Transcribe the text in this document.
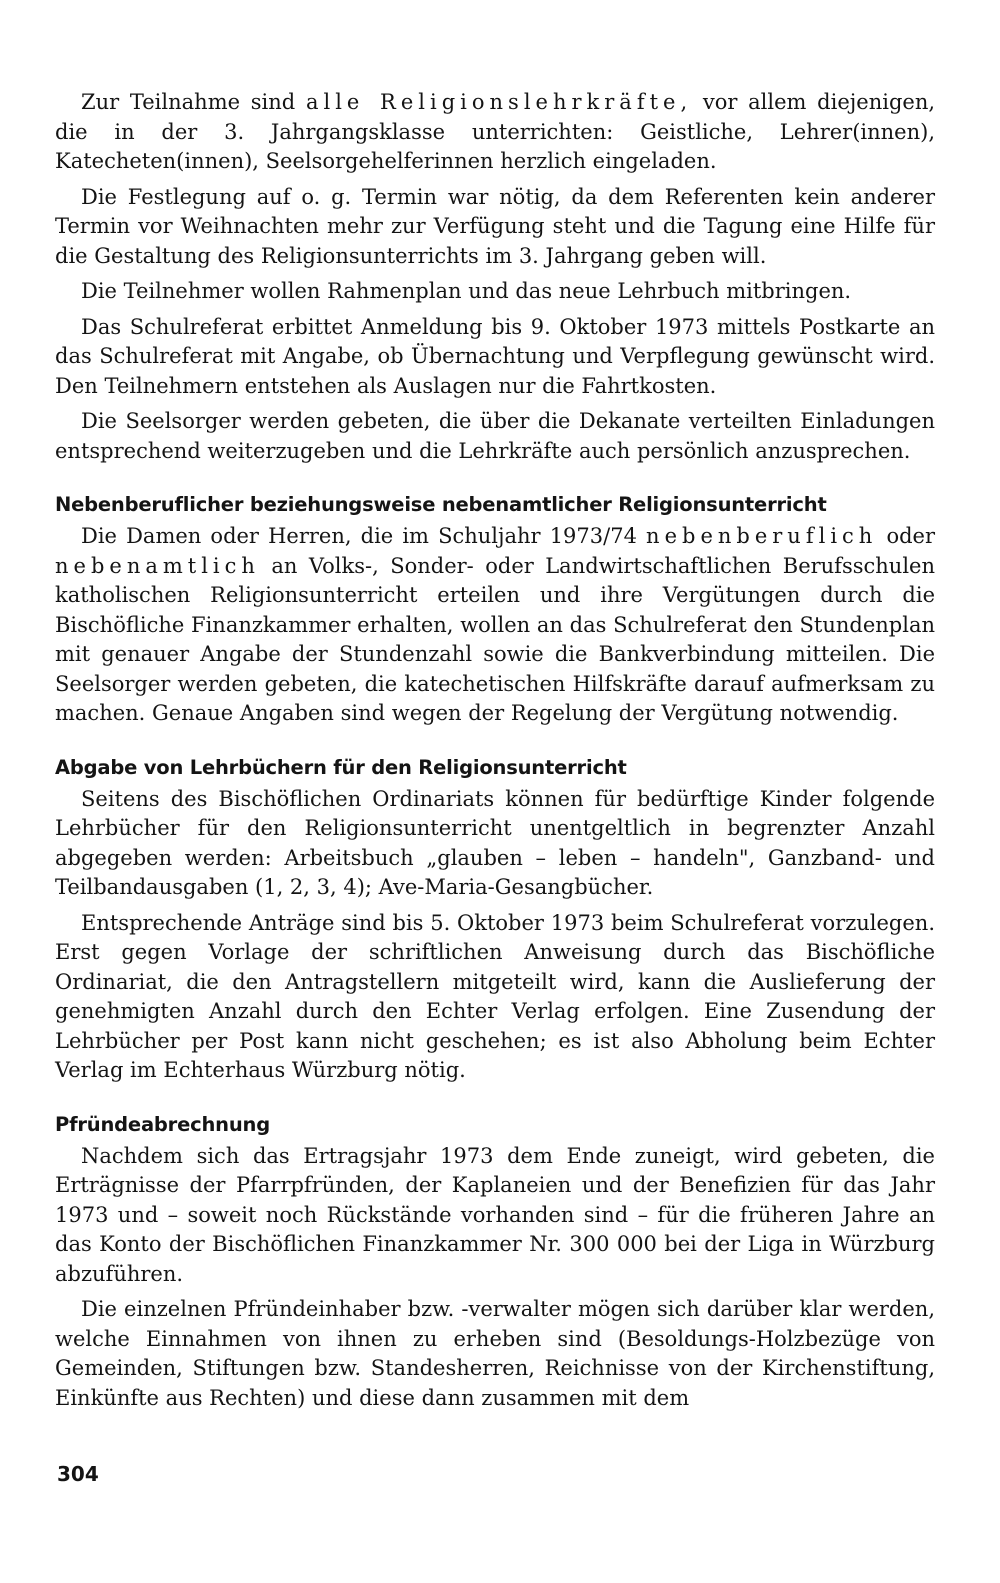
Zur Teilnahme sind alle Religionslehrkräfte, vor allem diejenigen, die in der 3. Jahrgangsklasse unterrichten: Geistliche, Lehrer(innen), Katecheten(innen), Seelsorgehelferinnen herzlich eingeladen.

Die Festlegung auf o. g. Termin war nötig, da dem Referenten kein anderer Termin vor Weihnachten mehr zur Verfügung steht und die Tagung eine Hilfe für die Gestaltung des Religionsunterrichts im 3. Jahrgang geben will.

Die Teilnehmer wollen Rahmenplan und das neue Lehrbuch mitbringen.

Das Schulreferat erbittet Anmeldung bis 9. Oktober 1973 mittels Postkarte an das Schulreferat mit Angabe, ob Übernachtung und Verpflegung gewünscht wird. Den Teilnehmern entstehen als Auslagen nur die Fahrtkosten.

Die Seelsorger werden gebeten, die über die Dekanate verteilten Einladungen entsprechend weiterzugeben und die Lehrkräfte auch persönlich anzusprechen.

Nebenberuflicher beziehungsweise nebenamtlicher Religionsunterricht

Die Damen oder Herren, die im Schuljahr 1973/74 nebenberuflich oder nebenamtlich an Volks-, Sonder- oder Landwirtschaftlichen Berufsschulen katholischen Religionsunterricht erteilen und ihre Vergütungen durch die Bischöfliche Finanzkammer erhalten, wollen an das Schulreferat den Stundenplan mit genauer Angabe der Stundenzahl sowie die Bankverbindung mitteilen. Die Seelsorger werden gebeten, die katechetischen Hilfskräfte darauf aufmerksam zu machen. Genaue Angaben sind wegen der Regelung der Vergütung notwendig.

Abgabe von Lehrbüchern für den Religionsunterricht

Seitens des Bischöflichen Ordinariats können für bedürftige Kinder folgende Lehrbücher für den Religionsunterricht unentgeltlich in begrenzter Anzahl abgegeben werden: Arbeitsbuch „glauben – leben – handeln", Ganzband- und Teilbandausgaben (1, 2, 3, 4); Ave-Maria-Gesangbücher.

Entsprechende Anträge sind bis 5. Oktober 1973 beim Schulreferat vorzulegen. Erst gegen Vorlage der schriftlichen Anweisung durch das Bischöfliche Ordinariat, die den Antragstellern mitgeteilt wird, kann die Auslieferung der genehmigten Anzahl durch den Echter Verlag erfolgen. Eine Zusendung der Lehrbücher per Post kann nicht geschehen; es ist also Abholung beim Echter Verlag im Echterhaus Würzburg nötig.

Pfründeabrechnung

Nachdem sich das Ertragsjahr 1973 dem Ende zuneigt, wird gebeten, die Erträgnisse der Pfarrpfründen, der Kaplaneien und der Benefizien für das Jahr 1973 und – soweit noch Rückstände vorhanden sind – für die früheren Jahre an das Konto der Bischöflichen Finanzkammer Nr. 300 000 bei der Liga in Würzburg abzuführen.

Die einzelnen Pfründeinhaber bzw. -verwalter mögen sich darüber klar werden, welche Einnahmen von ihnen zu erheben sind (Besoldungs-Holzbezüge von Gemeinden, Stiftungen bzw. Standesherren, Reichnisse von der Kirchenstiftung, Einkünfte aus Rechten) und diese dann zusammen mit dem

304
